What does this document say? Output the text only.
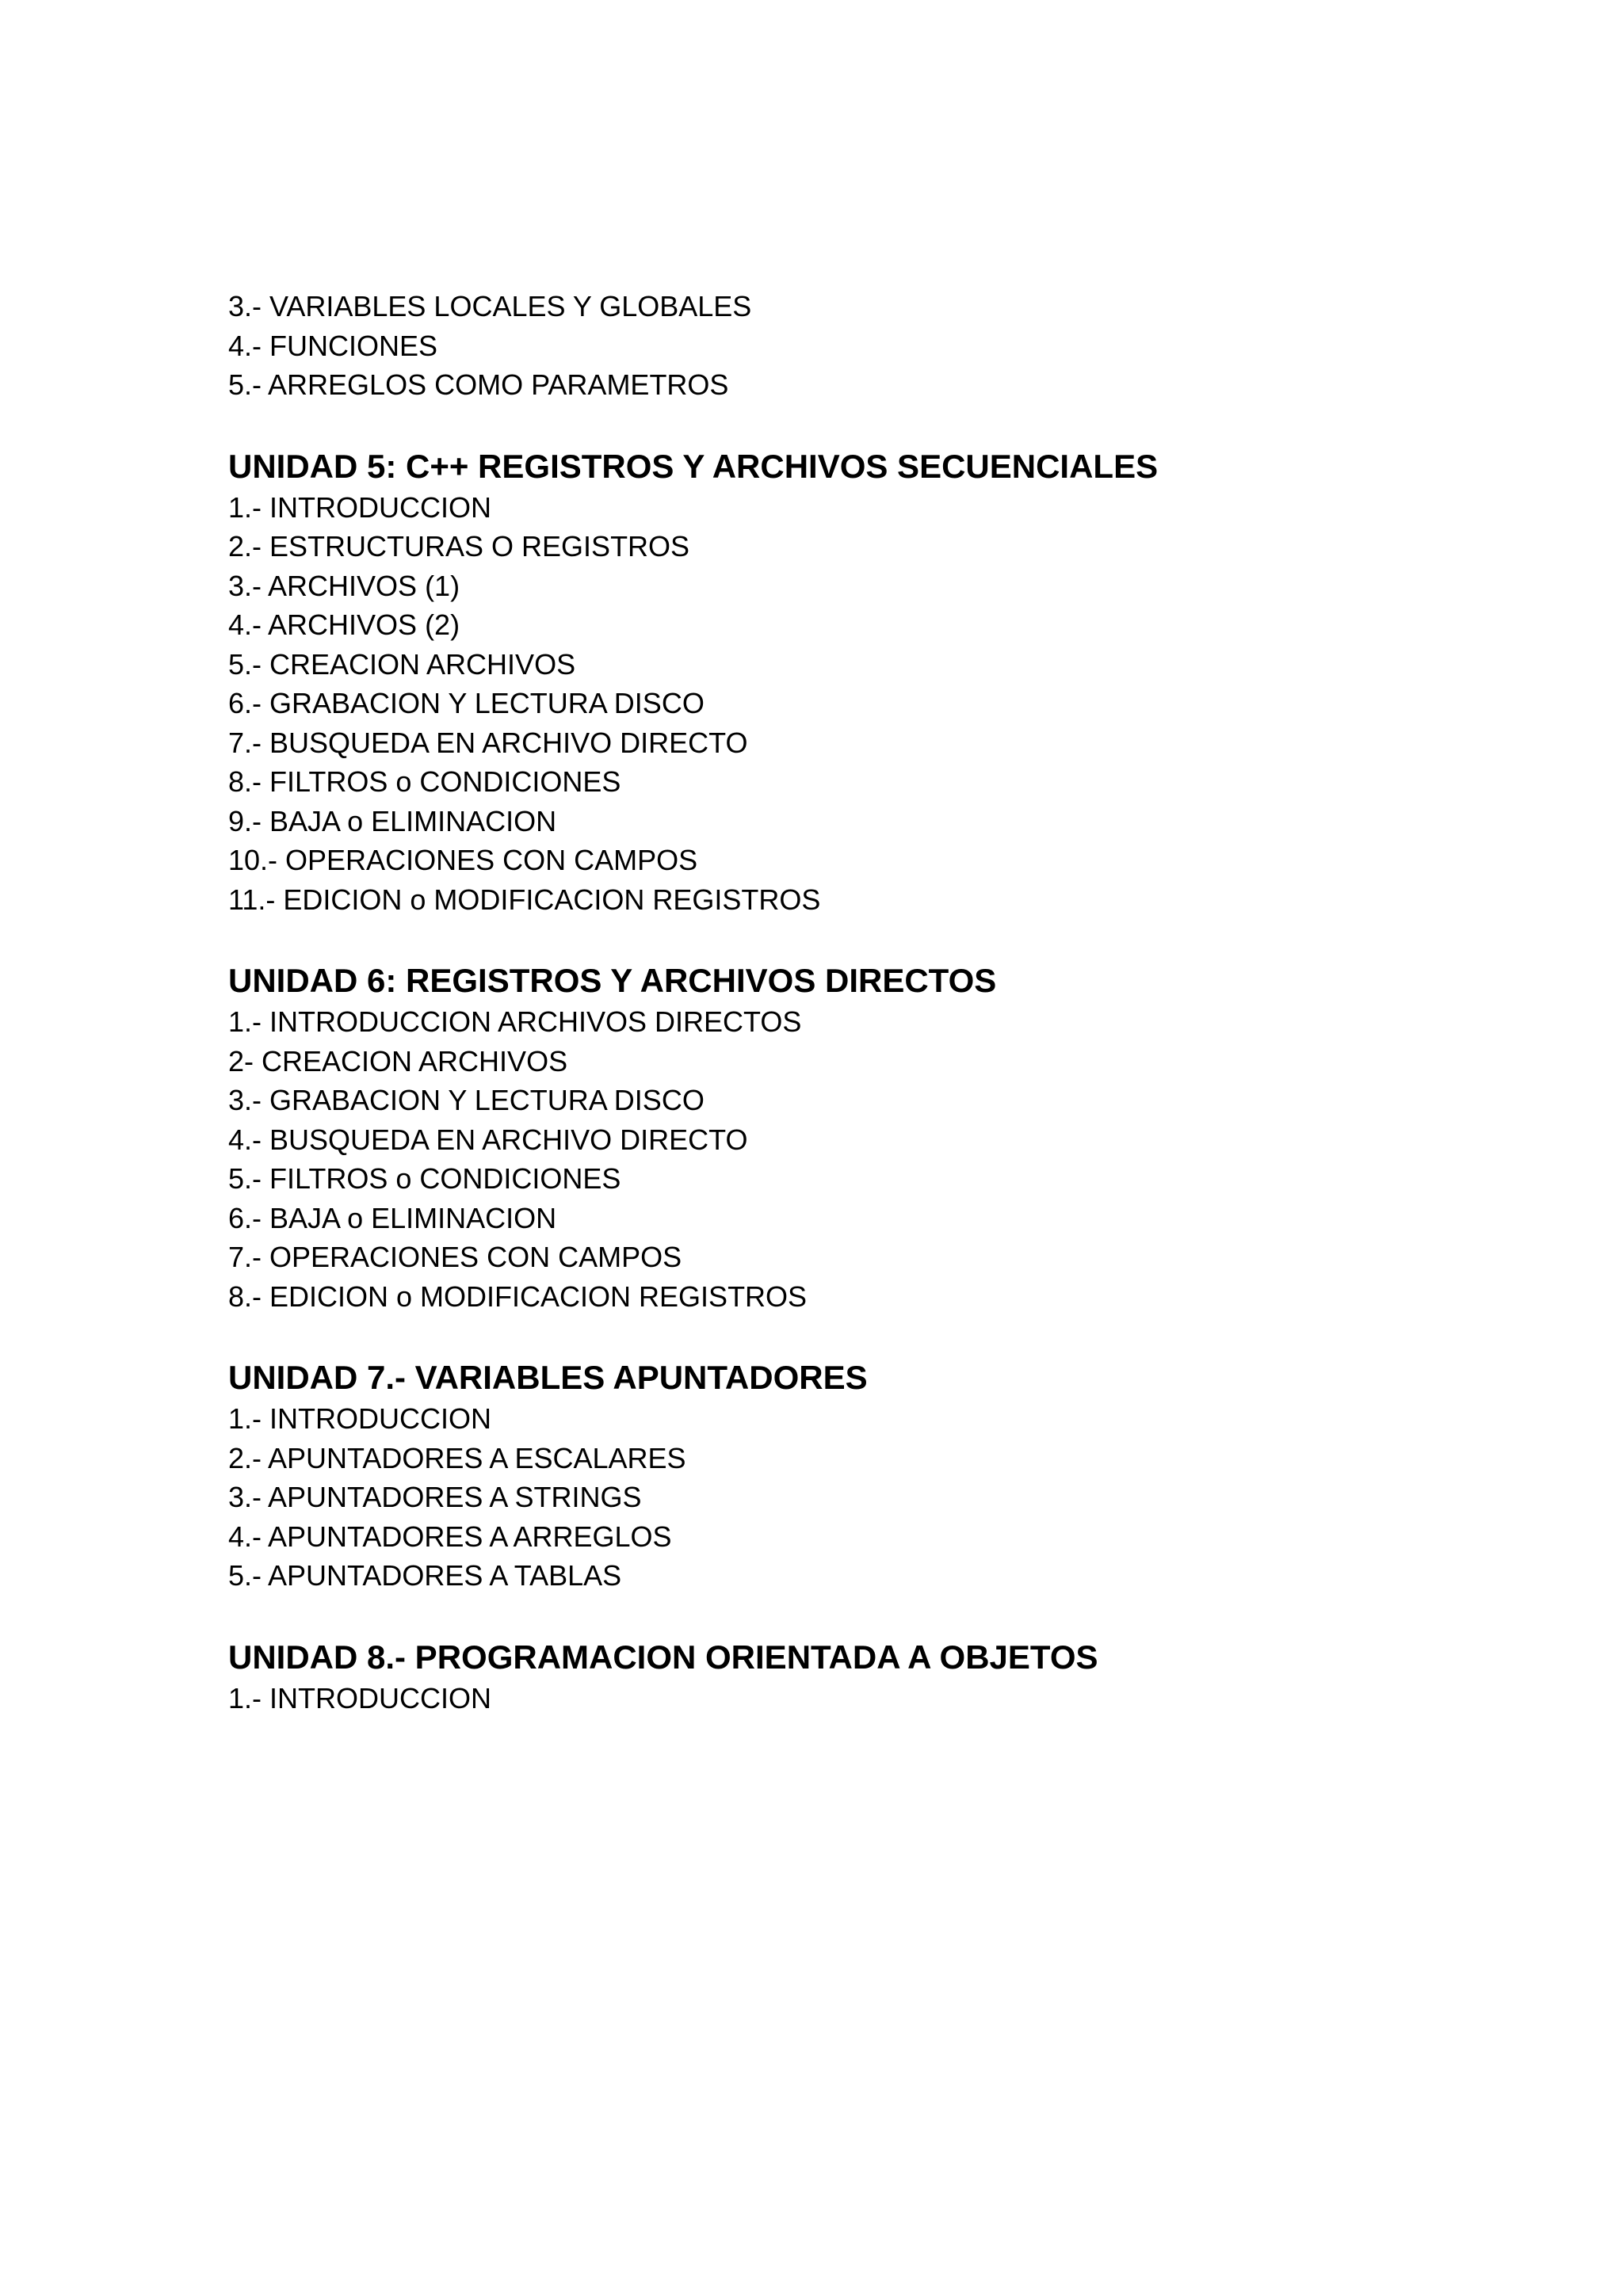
3.- VARIABLES LOCALES Y GLOBALES
4.- FUNCIONES
5.- ARREGLOS COMO PARAMETROS
UNIDAD 5: C++ REGISTROS Y ARCHIVOS SECUENCIALES
1.- INTRODUCCION
2.- ESTRUCTURAS O REGISTROS
3.- ARCHIVOS (1)
4.- ARCHIVOS (2)
5.- CREACION ARCHIVOS
6.- GRABACION Y LECTURA DISCO
7.- BUSQUEDA EN ARCHIVO DIRECTO
8.- FILTROS o CONDICIONES
9.- BAJA o ELIMINACION
10.- OPERACIONES CON CAMPOS
11.- EDICION o MODIFICACION REGISTROS
UNIDAD 6: REGISTROS Y ARCHIVOS DIRECTOS
1.- INTRODUCCION ARCHIVOS DIRECTOS
2- CREACION ARCHIVOS
3.- GRABACION Y LECTURA DISCO
4.- BUSQUEDA EN ARCHIVO DIRECTO
5.- FILTROS o CONDICIONES
6.- BAJA o ELIMINACION
7.- OPERACIONES CON CAMPOS
8.- EDICION o MODIFICACION REGISTROS
UNIDAD 7.- VARIABLES APUNTADORES
1.- INTRODUCCION
2.- APUNTADORES A ESCALARES
3.- APUNTADORES A STRINGS
4.- APUNTADORES A ARREGLOS
5.- APUNTADORES A TABLAS
UNIDAD 8.- PROGRAMACION ORIENTADA A OBJETOS
1.- INTRODUCCION
